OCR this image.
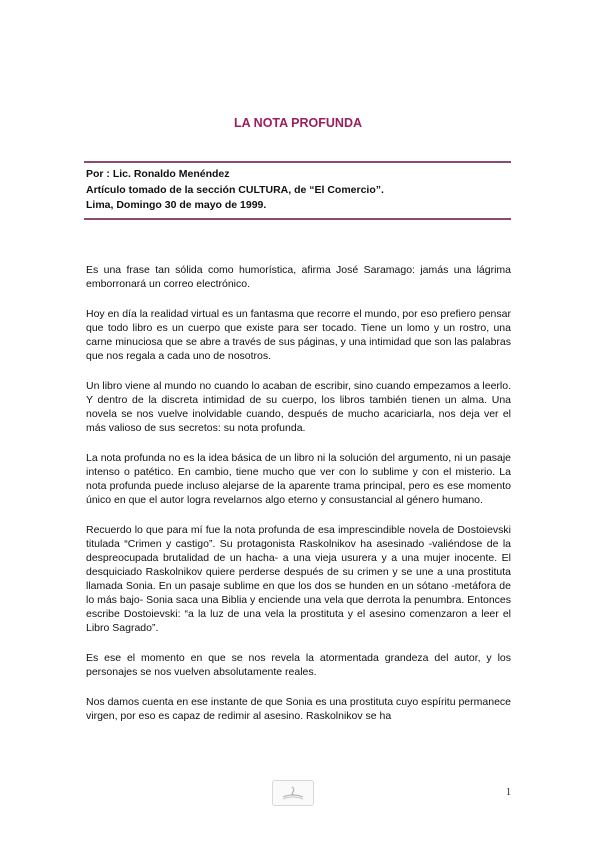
LA NOTA PROFUNDA
Por : Lic. Ronaldo Menéndez
Artículo tomado de la sección CULTURA, de “El Comercio”.
Lima, Domingo 30 de mayo de 1999.

Es una frase tan sólida como humorística, afirma José Saramago: jamás una lágrima emborronará un correo electrónico.

Hoy en día la realidad virtual es un fantasma que recorre el mundo, por eso prefiero pensar que todo libro es un cuerpo que existe para ser tocado. Tiene un lomo y un rostro, una carne minuciosa que se abre a través de sus páginas, y una intimidad que son las palabras que nos regala a cada uno de nosotros.

Un libro viene al mundo no cuando lo acaban de escribir, sino cuando empezamos a leerlo. Y dentro de la discreta intimidad de su cuerpo, los libros también tienen un alma. Una novela se nos vuelve inolvidable cuando, después de mucho acariciarla, nos deja ver el más valioso de sus secretos: su nota profunda.

La nota profunda no es la idea básica de un libro ni la solución del argumento, ni un pasaje intenso o patético. En cambio, tiene mucho que ver con lo sublime y con el misterio. La nota profunda puede incluso alejarse de la aparente trama principal, pero es ese momento único en que el autor logra revelarnos algo eterno y consustancial al género humano.

Recuerdo lo que para mí fue la nota profunda de esa imprescindible novela de Dostoievski titulada “Crimen y castigo”. Su protagonista Raskolnikov ha asesinado -valiéndose de la despreocupada brutalidad de un hacha- a una vieja usurera y a una mujer inocente. El desquiciado Raskolnikov quiere perderse después de su crimen y se une a una prostituta llamada Sonia. En un pasaje sublime en que los dos se hunden en un sótano -metáfora de lo más bajo- Sonia saca una Biblia y enciende una vela que derrota la penumbra. Entonces escribe Dostoievski: “a la luz de una vela la prostituta y el asesino comenzaron a leer el Libro Sagrado”.

Es ese el momento en que se nos revela la atormentada grandeza del autor, y los personajes se nos vuelven absolutamente reales.

Nos damos cuenta en ese instante de que Sonia es una prostituta cuyo espíritu permanece virgen, por eso es capaz de redimir al asesino. Raskolnikov se ha

1
